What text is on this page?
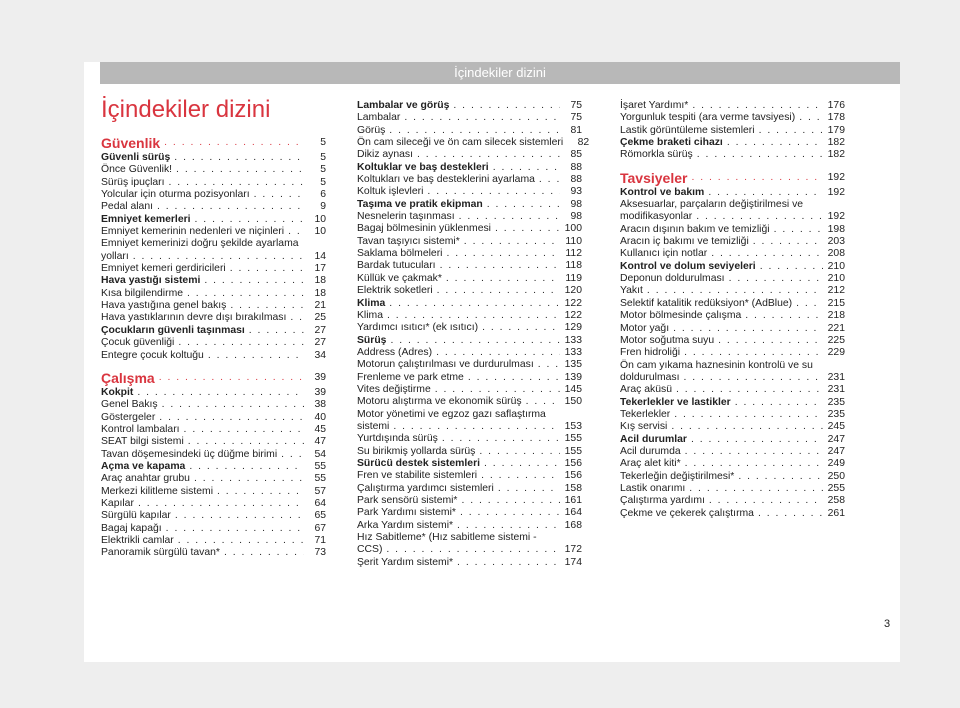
İçindekiler dizini
İçindekiler dizini
Güvenlik . . .	5
Güvenli sürüş . . .	5
Önce Güvenlik! . . .	5
Sürüş ipuçları . . .	5
Yolcular için oturma pozisyonları . . .	6
Pedal alanı . . .	9
Emniyet kemerleri . . .	10
Emniyet kemerinin nedenleri ve niçinleri . . .	10
Emniyet kemerinizi doğru şekilde ayarlama
yolları . . .	14
Emniyet kemeri gerdiricileri . . .	17
Hava yastığı sistemi . . .	18
Kısa bilgilendirme . . .	18
Hava yastığına genel bakış . . .	21
Hava yastıklarının devre dışı bırakılması . . .	25
Çocukların güvenli taşınması . . .	27
Çocuk güvenliği . . .	27
Entegre çocuk koltuğu . . .	34
Çalışma . . .	39
Kokpit . . .	39
Genel Bakış . . .	38
Göstergeler . . .	40
Kontrol lambaları . . .	45
SEAT bilgi sistemi . . .	47
Tavan döşemesindeki üç düğme birimi . . .	54
Açma ve kapama . . .	55
Araç anahtar grubu . . .	55
Merkezi kilitleme sistemi . . .	57
Kapılar . . .	64
Sürgülü kapılar . . .	65
Bagaj kapağı . . .	67
Elektrikli camlar . . .	71
Panoramik sürgülü tavan* . . .	73
Lambalar ve görüş . . .	75
Lambalar . . .	75
Görüş . . .	81
Ön cam sileceği ve ön cam silecek sistemleri	82
Dikiz aynası . . .	85
Koltuklar ve baş destekleri . . .	88
Koltukları ve baş desteklerini ayarlama . . .	88
Koltuk işlevleri . . .	93
Taşıma ve pratik ekipman . . .	98
Nesnelerin taşınması . . .	98
Bagaj bölmesinin yüklenmesi . . .	100
Tavan taşıyıcı sistemi* . . .	110
Saklama bölmeleri . . .	112
Bardak tutucuları . . .	118
Küllük ve çakmak* . . .	119
Elektrik soketleri . . .	120
Klima . . .	122
Klima . . .	122
Yardımcı ısıtıcı* (ek ısıtıcı) . . .	129
Sürüş . . .	133
Address (Adres) . . .	133
Motorun çalıştırılması ve durdurulması . . .	135
Frenleme ve park etme . . .	139
Vites değiştirme . . .	145
Motoru alıştırma ve ekonomik sürüş . . .	150
Motor yönetimi ve egzoz gazı saflaştırma
sistemi . . .	153
Yurtdışında sürüş . . .	155
Su birikmiş yollarda sürüş . . .	155
Sürücü destek sistemleri . . .	156
Fren ve stabilite sistemleri . . .	156
Çalıştırma yardımcı sistemleri . . .	158
Park sensörü sistemi* . . .	161
Park Yardımı sistemi* . . .	164
Arka Yardım sistemi* . . .	168
Hız Sabitleme* (Hız sabitleme sistemi -
CCS) . . .	172
Şerit Yardım sistemi* . . .	174
İşaret Yardımı* . . .	176
Yorgunluk tespiti (ara verme tavsiyesi) . . .	178
Lastik görüntüleme sistemleri . . .	179
Çekme braketi cihazı . . .	182
Römorkla sürüş . . .	182
Tavsiyeler . . .	192
Kontrol ve bakım . . .	192
Aksesuarlar, parçaların değiştirilmesi ve
modifikasyonlar . . .	192
Aracın dışının bakım ve temizliği . . .	198
Aracın iç bakımı ve temizliği . . .	203
Kullanıcı için notlar . . .	208
Kontrol ve dolum seviyeleri . . .	210
Deponun doldurulması . . .	210
Yakıt . . .	212
Selektif katalitik redüksiyon* (AdBlue) . . .	215
Motor bölmesinde çalışma . . .	218
Motor yağı . . .	221
Motor soğutma suyu . . .	225
Fren hidroliği . . .	229
Ön cam yıkama haznesinin kontrolü ve su
doldurulması . . .	231
Araç aküsü . . .	231
Tekerlekler ve lastikler . . .	235
Tekerlekler . . .	235
Kış servisi . . .	245
Acil durumlar . . .	247
Acil durumda . . .	247
Araç alet kiti* . . .	249
Tekerleğin değiştirilmesi* . . .	250
Lastik onarımı . . .	255
Çalıştırma yardımı . . .	258
Çekme ve çekerek çalıştırma . . .	261
3
